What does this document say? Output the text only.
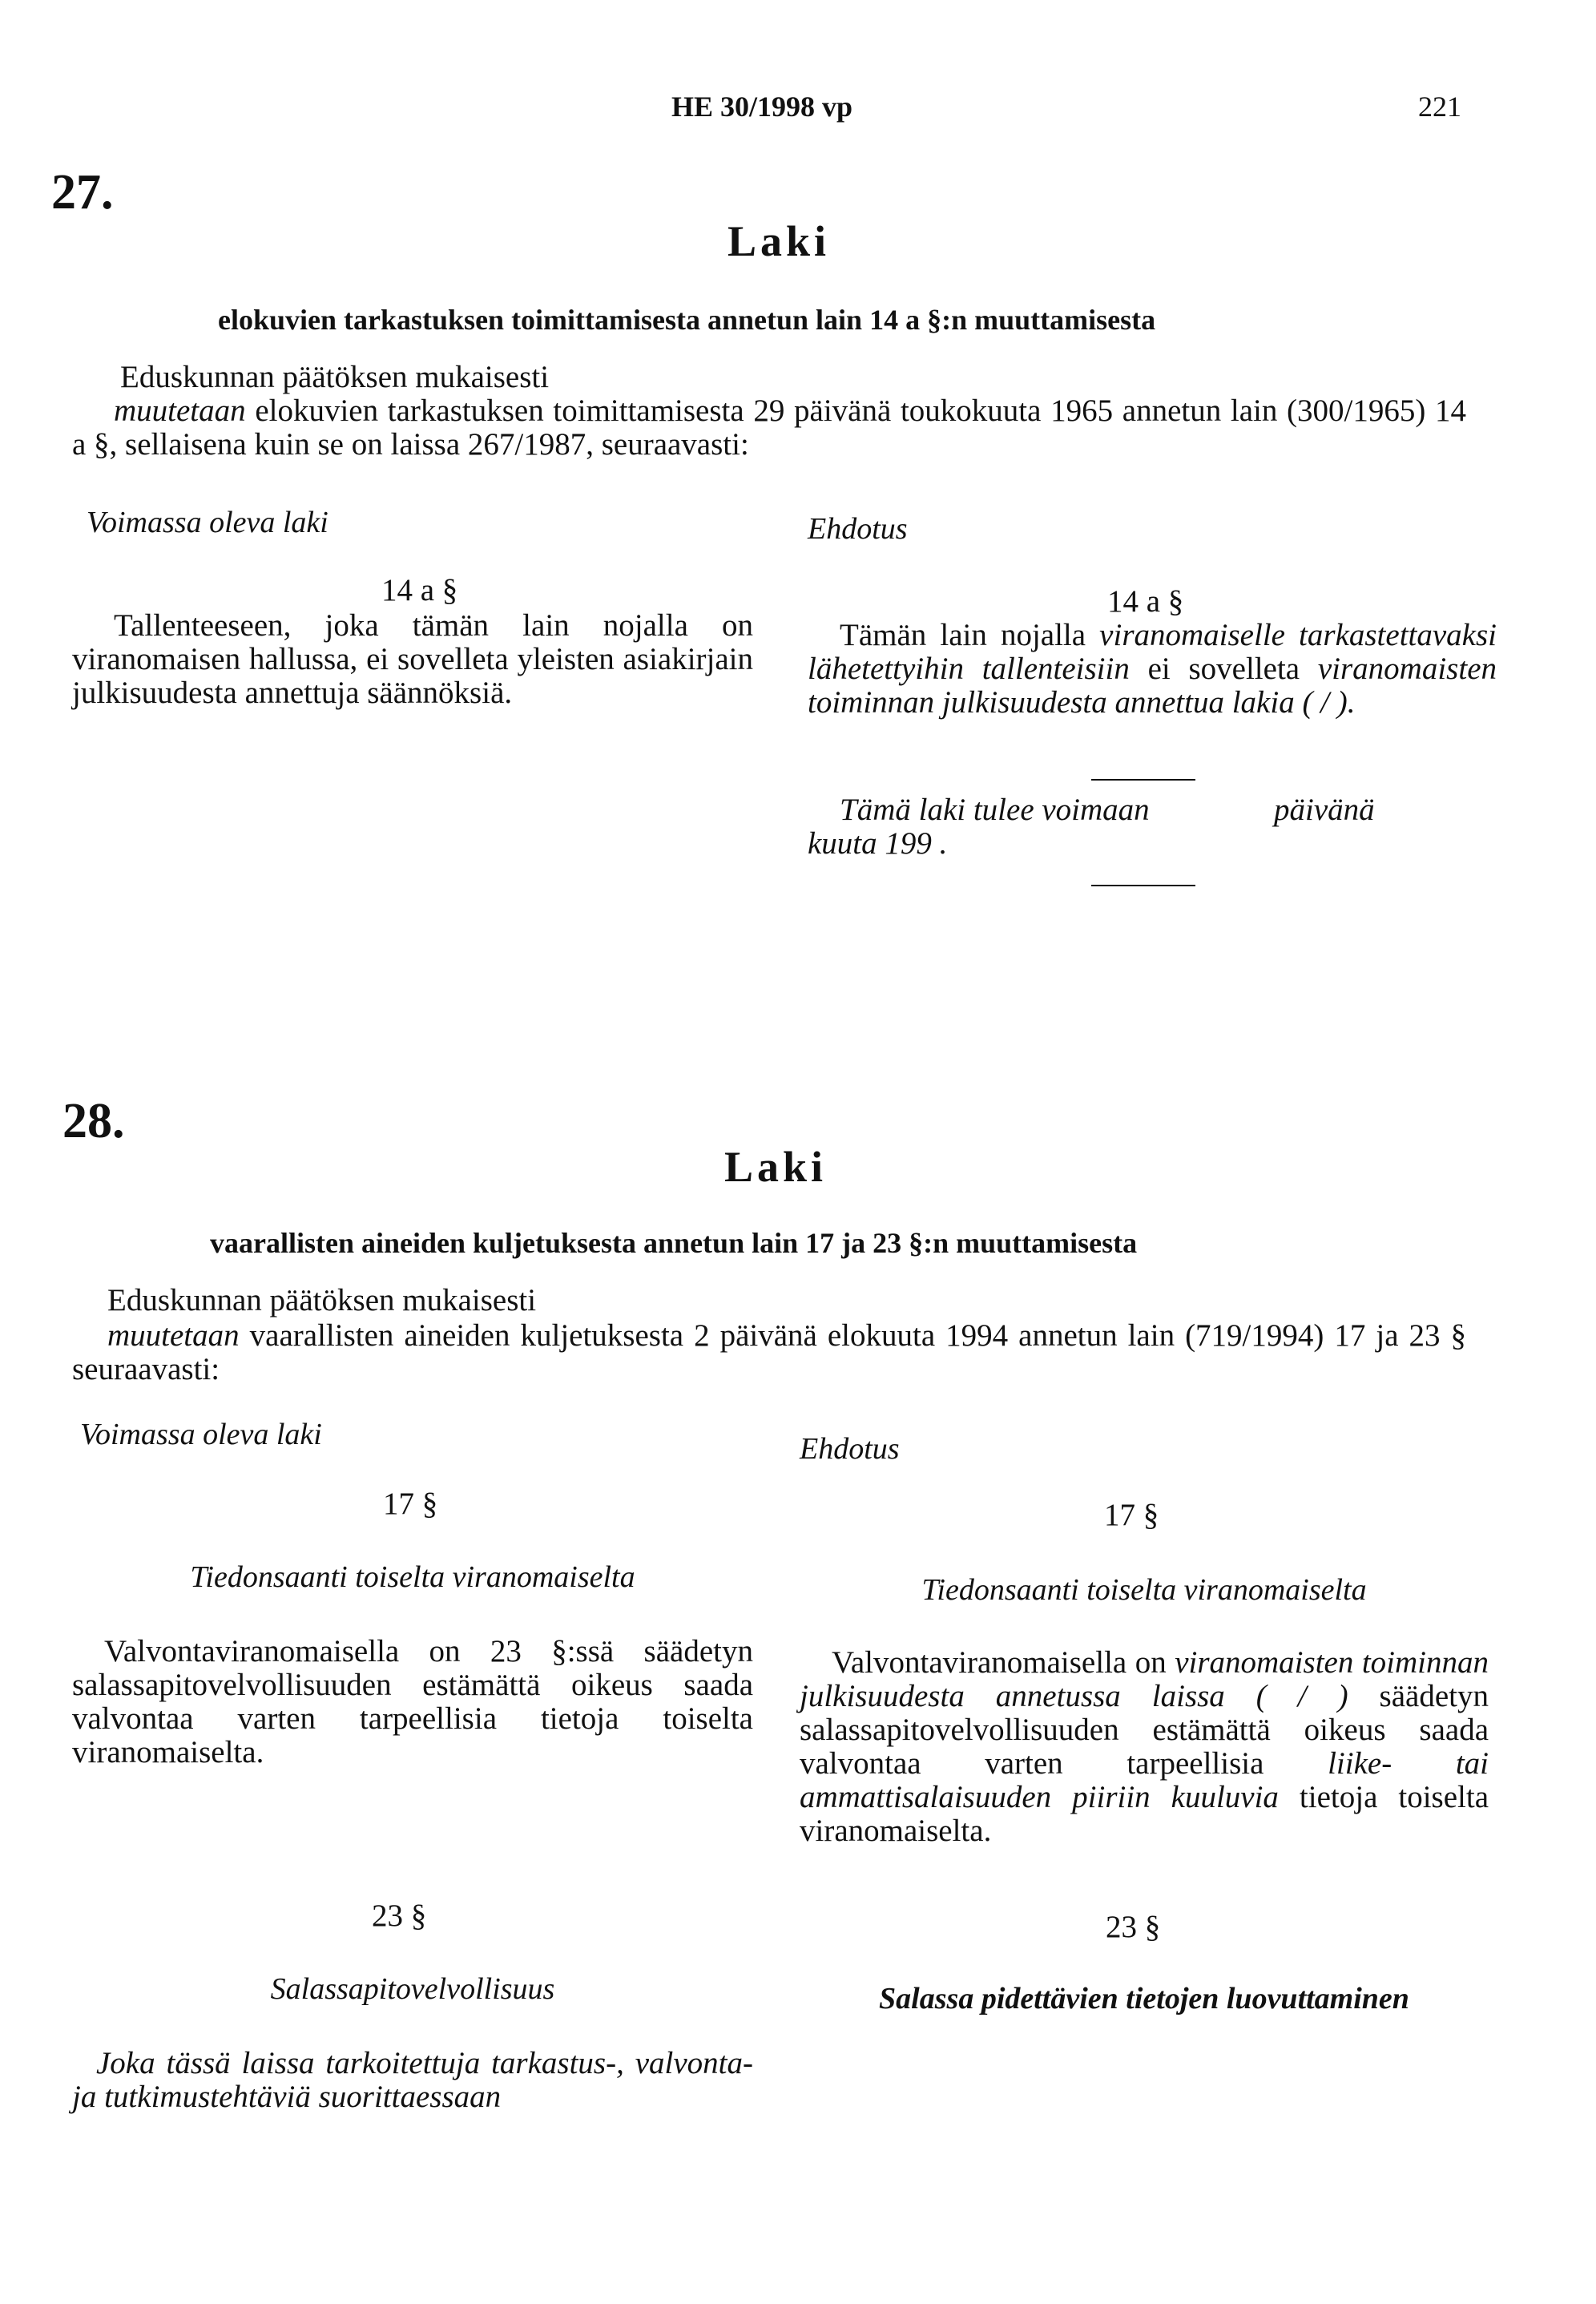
HE 30/1998 vp	221
27.
Laki
elokuvien tarkastuksen toimittamisesta annetun lain 14 a §:n muuttamisesta
Eduskunnan päätöksen mukaisesti
muutetaan elokuvien tarkastuksen toimittamisesta 29 päivänä toukokuuta 1965 annetun lain (300/1965) 14 a §, sellaisena kuin se on laissa 267/1987, seuraavasti:
Voimassa oleva laki	Ehdotus
14 a §
Tallenteeseen, joka tämän lain nojalla on viranomaisen hallussa, ei sovelleta yleisten asiakirjain julkisuudesta annettuja säännöksiä.
14 a §
Tämän lain nojalla viranomaiselle tarkastettavaksi lähetettyihin tallenteisiin ei sovelleta viranomaisten toiminnan julkisuudesta annettua lakia ( / ).
Tämä laki tulee voimaan	päivänä
kuuta 199 .
28.
Laki
vaarallisten aineiden kuljetuksesta annetun lain 17 ja 23 §:n muuttamisesta
Eduskunnan päätöksen mukaisesti
muutetaan vaarallisten aineiden kuljetuksesta 2 päivänä elokuuta 1994 annetun lain (719/1994) 17 ja 23 § seuraavasti:
Voimassa oleva laki	Ehdotus
17 §
Tiedonsaanti toiselta viranomaiselta
Valvontaviranomaisella on 23 §:ssä säädetyn salassapitovelvollisuuden estämättä oikeus saada valvontaa varten tarpeellisia tietoja toiselta viranomaiselta.
17 §
Tiedonsaanti toiselta viranomaiselta
Valvontaviranomaisella on viranomaisten toiminnan julkisuudesta annetussa laissa ( / ) säädetyn salassapitovelvollisuuden estämättä oikeus saada valvontaa varten tarpeellisia liike- tai ammattisalaisuuden piiriin kuuluvia tietoja toiselta viranomaiselta.
23 §
Salassapitovelvollisuus
Joka tässä laissa tarkoitettuja tarkastus-, valvonta- ja tutkimustehtäviä suorittaessaan
23 §
Salassa pidettävien tietojen luovuttaminen
